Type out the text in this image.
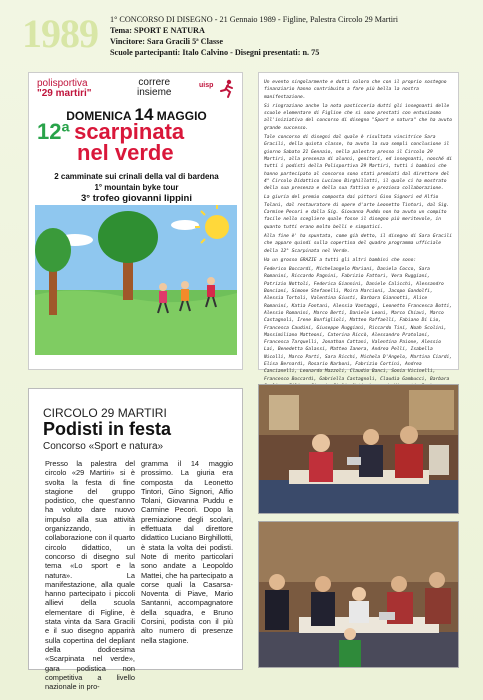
1989 1° CONCORSO DI DISEGNO - 21 Gennaio 1989 - Figline, Palestra Circolo 29 Martiri
Tema: SPORT E NATURA
Vincitore: Sara Gracili 5ª Classe
Scuole partecipanti: Italo Calvino - Disegni presentati: n. 75
polisportiva
"29 martiri"
correre
insieme
uisp
DOMENICA 14 MAGGIO
12ª scarpinata
nel verde
2 camminate sui crinali della val di bardena
1° mountain byke tour
3° trofeo giovanni lippini

Un evento singolarmente e dutti coloro che con il proprio sostegno finanziario hanno contribuito a fare più bella la nostra manifestazione.

Si ringraziano anche la nota pasticceria dutti gli insegnanti delle scuole elementare di Figline che si sono prestati con entusiasmo all'iniziativa del concorso di disegno "Sport e natura" che ha avuto grande successo.

Tale concorso di disegni dal quale è risultata vincitrice Sara Gracili, della quinta classe, ha avuto la sua sempli conclusione il giorno Sabato 21 Gennaio, nella palestra presso il Circolo 29 Martiri, alla presenza di alunni, genitori, ed insegnanti, nonché di tutti i podisti della Polisportiva 29 Martiri, tutti i bambini che hanno partecipato al concorso sono stati premiati dal direttore del 4° Circolo Didattico Luciano Birghillotti, il quale ci ha mostrato della sua presenza e della sua fattiva e preziosa collaborazione.

La giuria del premio composta dai pittori Gino Signori ed Alfio Tolani, dal restauratore di opere d'arte Leonetto Tintori, dal Sig. Carmine Pecori e dalla Sig. Giovanna Puddu non ha avuto un compito facile nello scegliere quale fosse il disegno più meritevole, in quanto tutti erano molto belli e simpatici.

Alla fine è' ha spuntata, come già detto, il disegno di Sara Gracili che appare quindi sulla copertina del quadro programma ufficiale della 12° Scarpinata nel Verde.

Ha un grosso GRAZIE a tutti gli altri bambini che sono:

Federico Boccardi, Michelangelo Mariani, Daniela Cocco, Sara Romanini, Riccardo Pagnini, Fabrizio Fattori, Vera Ruggiani, Patrizio Nottoli, Federica Giannini, Daniele Calicchi, Alessandro Bonciani, Simone Stefanelli, Moira Marcioni, Jacopo Gandolfi, Alessia Tortoli, Valentina Giusti, Barbara Giannotti, Alice Romanini, Katia Fontani, Alessia Vantaggi, Leonetto Francesca Botti, Alessio Romanini, Marco Berti, Daniele Leoni, Marco Chiavi, Marco Castagnoli, Irene Bonfiglioli, Matteo Raffaelli, Fabiano Di Lio, Francesca Caudini, Giuseppe Ruggiani, Riccardo Tini, Noah Scolini, Massimiliano Matteoni, Caterina Riccò, Alessandro Pratolani, Francesca Tarquelli, Jonathan Cattani, Valentina Paione, Alessio Lai, Benedetta Galassi, Matteo Ianera, Andrea Pelli, Isabella Nicolli, Marco Parti, Sara Ricchi, Michela D'Angelo, Martina Ciardi, Elisa Bernardi, Rosario Narboni, Fabrizio Cortini, Andrea Cancianelli, Leonardo Mazzoli, Claudio Banci, Sonia Vicinelli, Francesco Boccardi, Gabriella Castagnoli, Claudia Gambucci, Barbara

CIRCOLO 29 MARTIRI
Podisti in festa
Concorso «Sport e natura»
Presso la palestra del circolo «29 Martiri» si è svolta la festa di fine stagione del gruppo podistico, che quest'anno ha voluto dare nuovo impulso alla sua attività organizzando, in collaborazione con il quarto circolo didattico, un concorso di disegno sul tema «Lo sport e la natura». La manifestazione, alla quale hanno partecipato i piccoli allievi della scuola elementare di Figline, è stata vinta da Sara Gracili e il suo disegno apparirà sulla copertina del depliant della dodicesima «Scarpinata nel verde», gara podistica non competitiva a livello nazionale in pro-
gramma il 14 maggio prossimo. La giuria era composta da Leonetto Tintori, Gino Signori, Alfio Tolani, Giovanna Puddu e Carmine Pecori. Dopo la premiazione degli scolari, effettuata dal direttore didattico Luciano Birghillotti, è stata la volta dei podisti. Note di merito particolari sono andate a Leopoldo Mattei, che ha partecipato a corse quali la Casarsa-Noventa di Piave, Mario Santanni, accompagnatore della squadra, e Bruno Corsini, podista con il più alto numero di presenze nella stagione.
